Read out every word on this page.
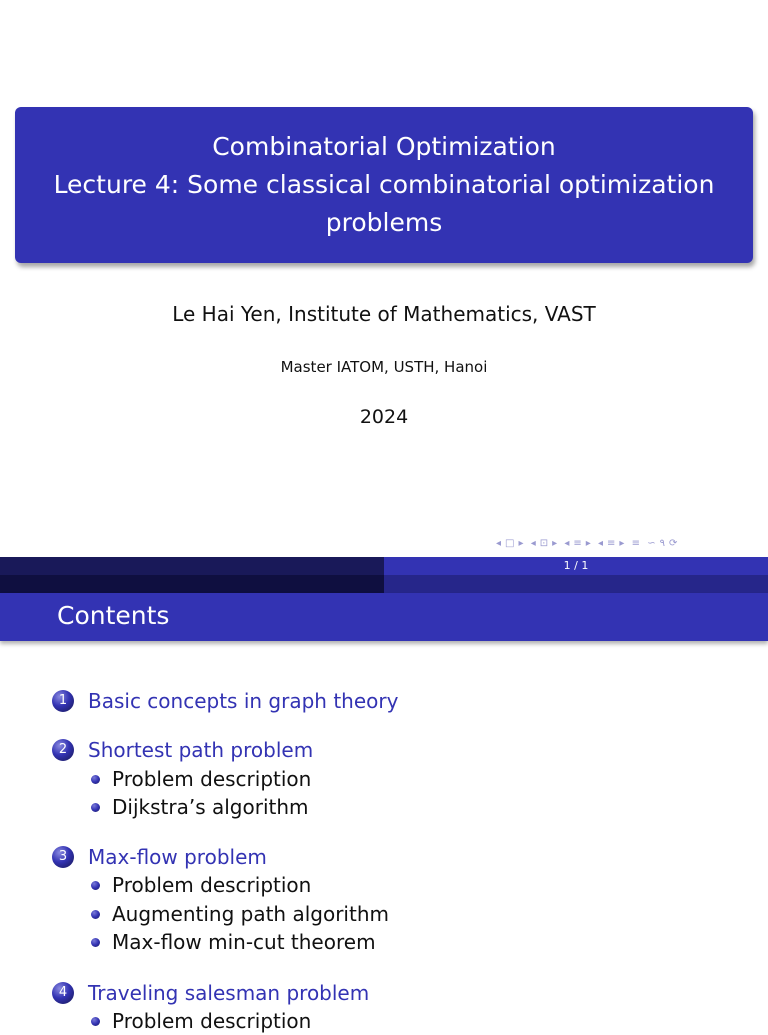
Combinatorial Optimization
Lecture 4: Some classical combinatorial optimization
problems
Le Hai Yen, Institute of Mathematics, VAST
Master IATOM, USTH, Hanoi
2024
◂ □ ▸ ◂ ⊡ ▸ ◂ ≡ ▸ ◂ ≡ ▸ ≡ ∽ ۹ ⟳
1 / 1
Contents
1	Basic concepts in graph theory
2	Shortest path problem
Problem description
Dijkstra’s algorithm
3	Max-flow problem
Problem description
Augmenting path algorithm
Max-flow min-cut theorem
4	Traveling salesman problem
Problem description
